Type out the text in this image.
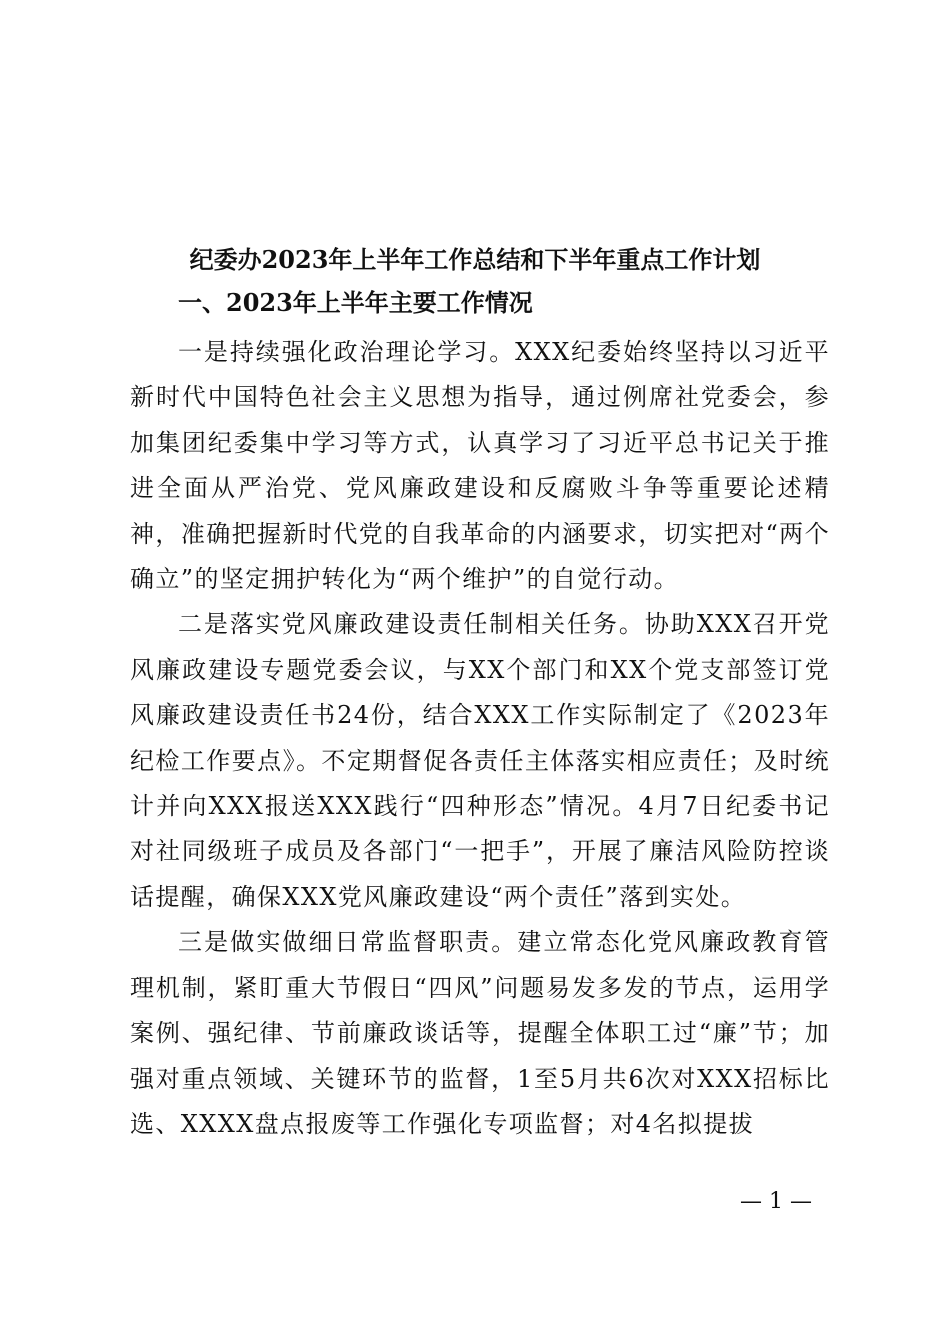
纪委办2023年上半年工作总结和下半年重点工作计划
一、2023年上半年主要工作情况

一是持续强化政治理论学习。XXX纪委始终坚持以习近平新时代中国特色社会主义思想为指导，通过例席社党委会，参加集团纪委集中学习等方式，认真学习了习近平总书记关于推进全面从严治党、党风廉政建设和反腐败斗争等重要论述精神，准确把握新时代党的自我革命的内涵要求，切实把对“两个确立”的坚定拥护转化为“两个维护”的自觉行动。

二是落实党风廉政建设责任制相关任务。协助XXX召开党风廉政建设专题党委会议，与XX个部门和XX个党支部签订党风廉政建设责任书24份，结合XXX工作实际制定了《2023年纪检工作要点》。不定期督促各责任主体落实相应责任；及时统计并向XXX报送XXX践行“四种形态”情况。4月7日纪委书记对社同级班子成员及各部门“一把手”，开展了廉洁风险防控谈话提醒，确保XXX党风廉政建设“两个责任”落到实处。

三是做实做细日常监督职责。建立常态化党风廉政教育管理机制，紧盯重大节假日“四风”问题易发多发的节点，运用学案例、强纪律、节前廉政谈话等，提醒全体职工过“廉”节；加强对重点领域、关键环节的监督，1至5月共6次对XXX招标比选、XXXX盘点报废等工作强化专项监督；对4名拟提拔

— 1 —
